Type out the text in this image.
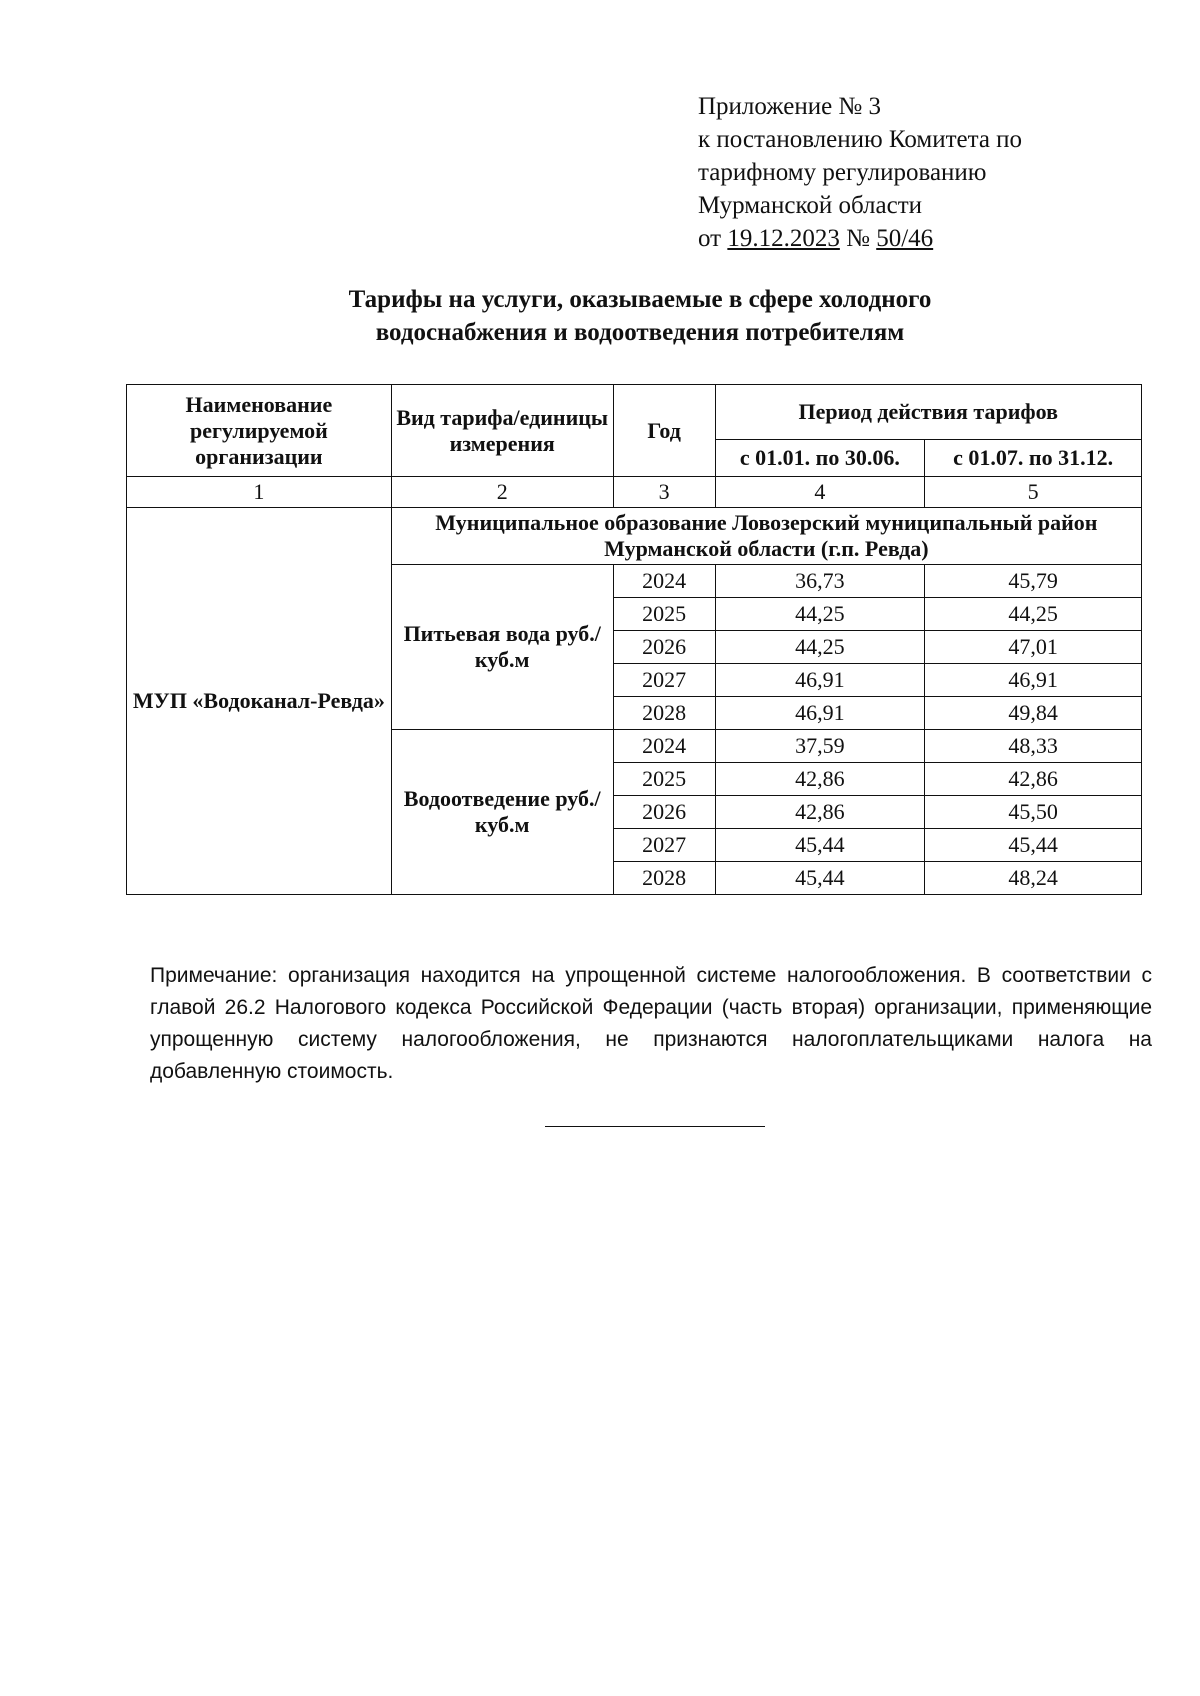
Приложение № 3
к постановлению Комитета по
тарифному регулированию
Мурманской области
от 19.12.2023 № 50/46
Тарифы на услуги, оказываемые в сфере холодного
водоснабжения и водоотведения потребителям
Наименование регулируемой организации	Вид тарифа/единицы измерения	Год	Период действия тарифов	
			с 01.01. по 30.06.	с 01.07. по 31.12.
1	2	3	4	5
МУП «Водоканал-Ревда»	Муниципальное образование Ловозерский муниципальный район Мурманской области (г.п. Ревда)			
	Питьевая вода руб./куб.м	2024	36,73	45,79
		2025	44,25	44,25
		2026	44,25	47,01
		2027	46,91	46,91
		2028	46,91	49,84
	Водоотведение руб./куб.м	2024	37,59	48,33
		2025	42,86	42,86
		2026	42,86	45,50
		2027	45,44	45,44
		2028	45,44	48,24
Примечание: организация находится на упрощенной системе налогообложения. В соответствии с главой 26.2 Налогового кодекса Российской Федерации (часть вторая) организации, применяющие упрощенную систему налогообложения, не признаются налогоплательщиками налога на добавленную стоимость.
